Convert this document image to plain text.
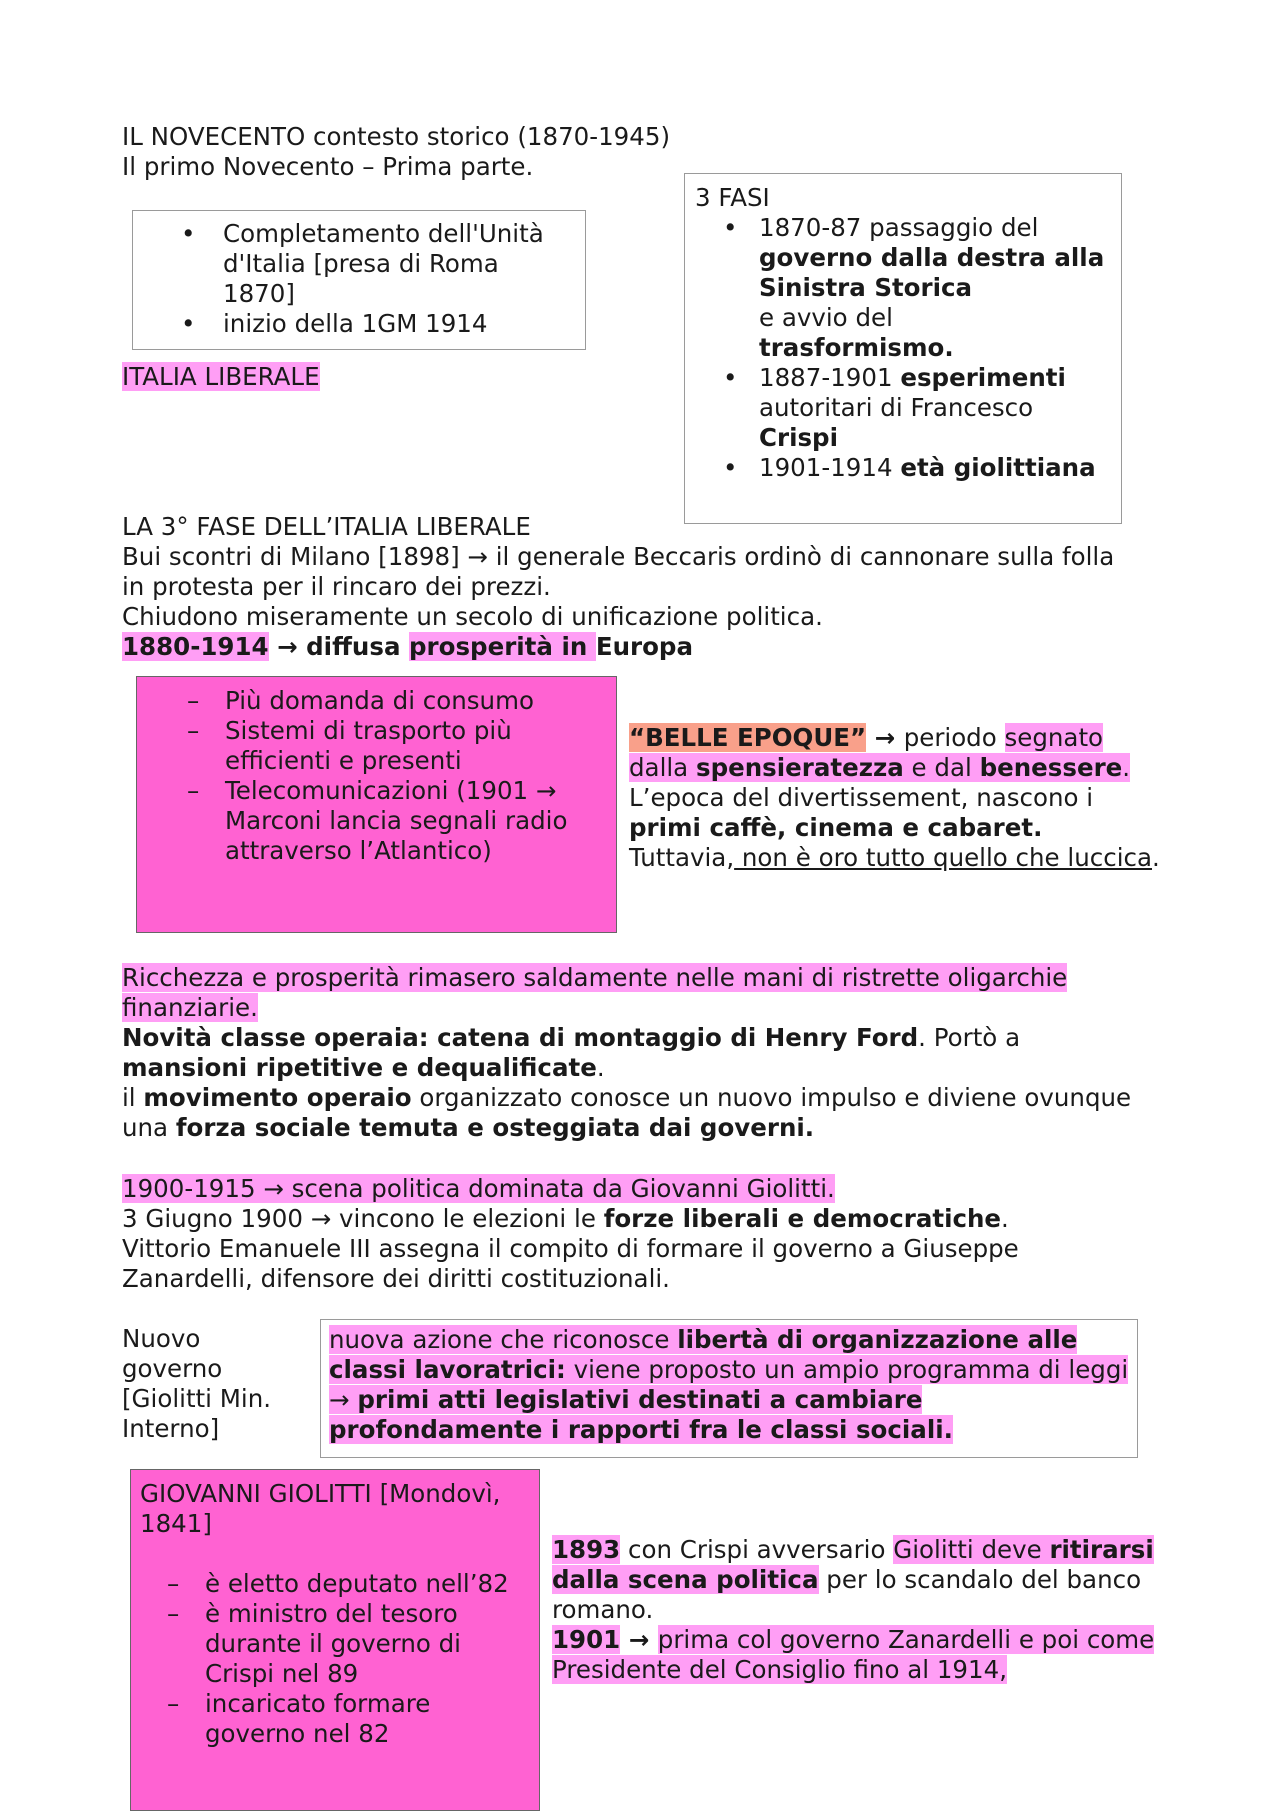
IL NOVECENTO contesto storico (1870-1945)

Il primo Novecento – Prima parte.

• Completamento dell'Unità d'Italia [presa di Roma 1870]
• inizio della 1GM 1914
ITALIA LIBERALE

3 FASI

• 1870-87 passaggio del governo dalla destra alla Sinistra Storica
e avvio del
trasformismo.
• 1887-1901 esperimenti autoritari di Francesco Crispi
• 1901-1914 età giolittiana

LA 3° FASE DELL’ITALIA LIBERALE

Bui scontri di Milano [1898] → il generale Beccaris ordinò di cannonare sulla folla in protesta per il rincaro dei prezzi.

Chiudono miseramente un secolo di unificazione politica.

1880-1914 → diffusa prosperità in Europa

– Più domanda di consumo
– Sistemi di trasporto più efficienti e presenti
– Telecomunicazioni (1901 → Marconi lancia segnali radio attraverso l’Atlantico)

“BELLE EPOQUE” → periodo segnato dalla spensieratezza e dal benessere.

L’epoca del divertissement, nascono i primi caffè, cinema e cabaret.

Tuttavia, non è oro tutto quello che luccica.

Ricchezza e prosperità rimasero saldamente nelle mani di ristrette oligarchie finanziarie.

Novità classe operaia: catena di montaggio di Henry Ford. Portò a mansioni ripetitive e dequalificate.

il movimento operaio organizzato conosce un nuovo impulso e diviene ovunque una forza sociale temuta e osteggiata dai governi.

1900-1915 → scena politica dominata da Giovanni Giolitti.

3 Giugno 1900 → vincono le elezioni le forze liberali e democratiche.

Vittorio Emanuele III assegna il compito di formare il governo a Giuseppe Zanardelli, difensore dei diritti costituzionali.

Nuovo governo [Giolitti Min. Interno]

nuova azione che riconosce libertà di organizzazione alle classi lavoratrici: viene proposto un ampio programma di leggi → primi atti legislativi destinati a cambiare profondamente i rapporti fra le classi sociali.

GIOVANNI GIOLITTI [Mondovì, 1841]

– è eletto deputato nell’82
– è ministro del tesoro durante il governo di Crispi nel 89
– incaricato formare governo nel 82

1893 con Crispi avversario Giolitti deve ritirarsi dalla scena politica per lo scandalo del banco romano.

1901 → prima col governo Zanardelli e poi come Presidente del Consiglio fino al 1914,
